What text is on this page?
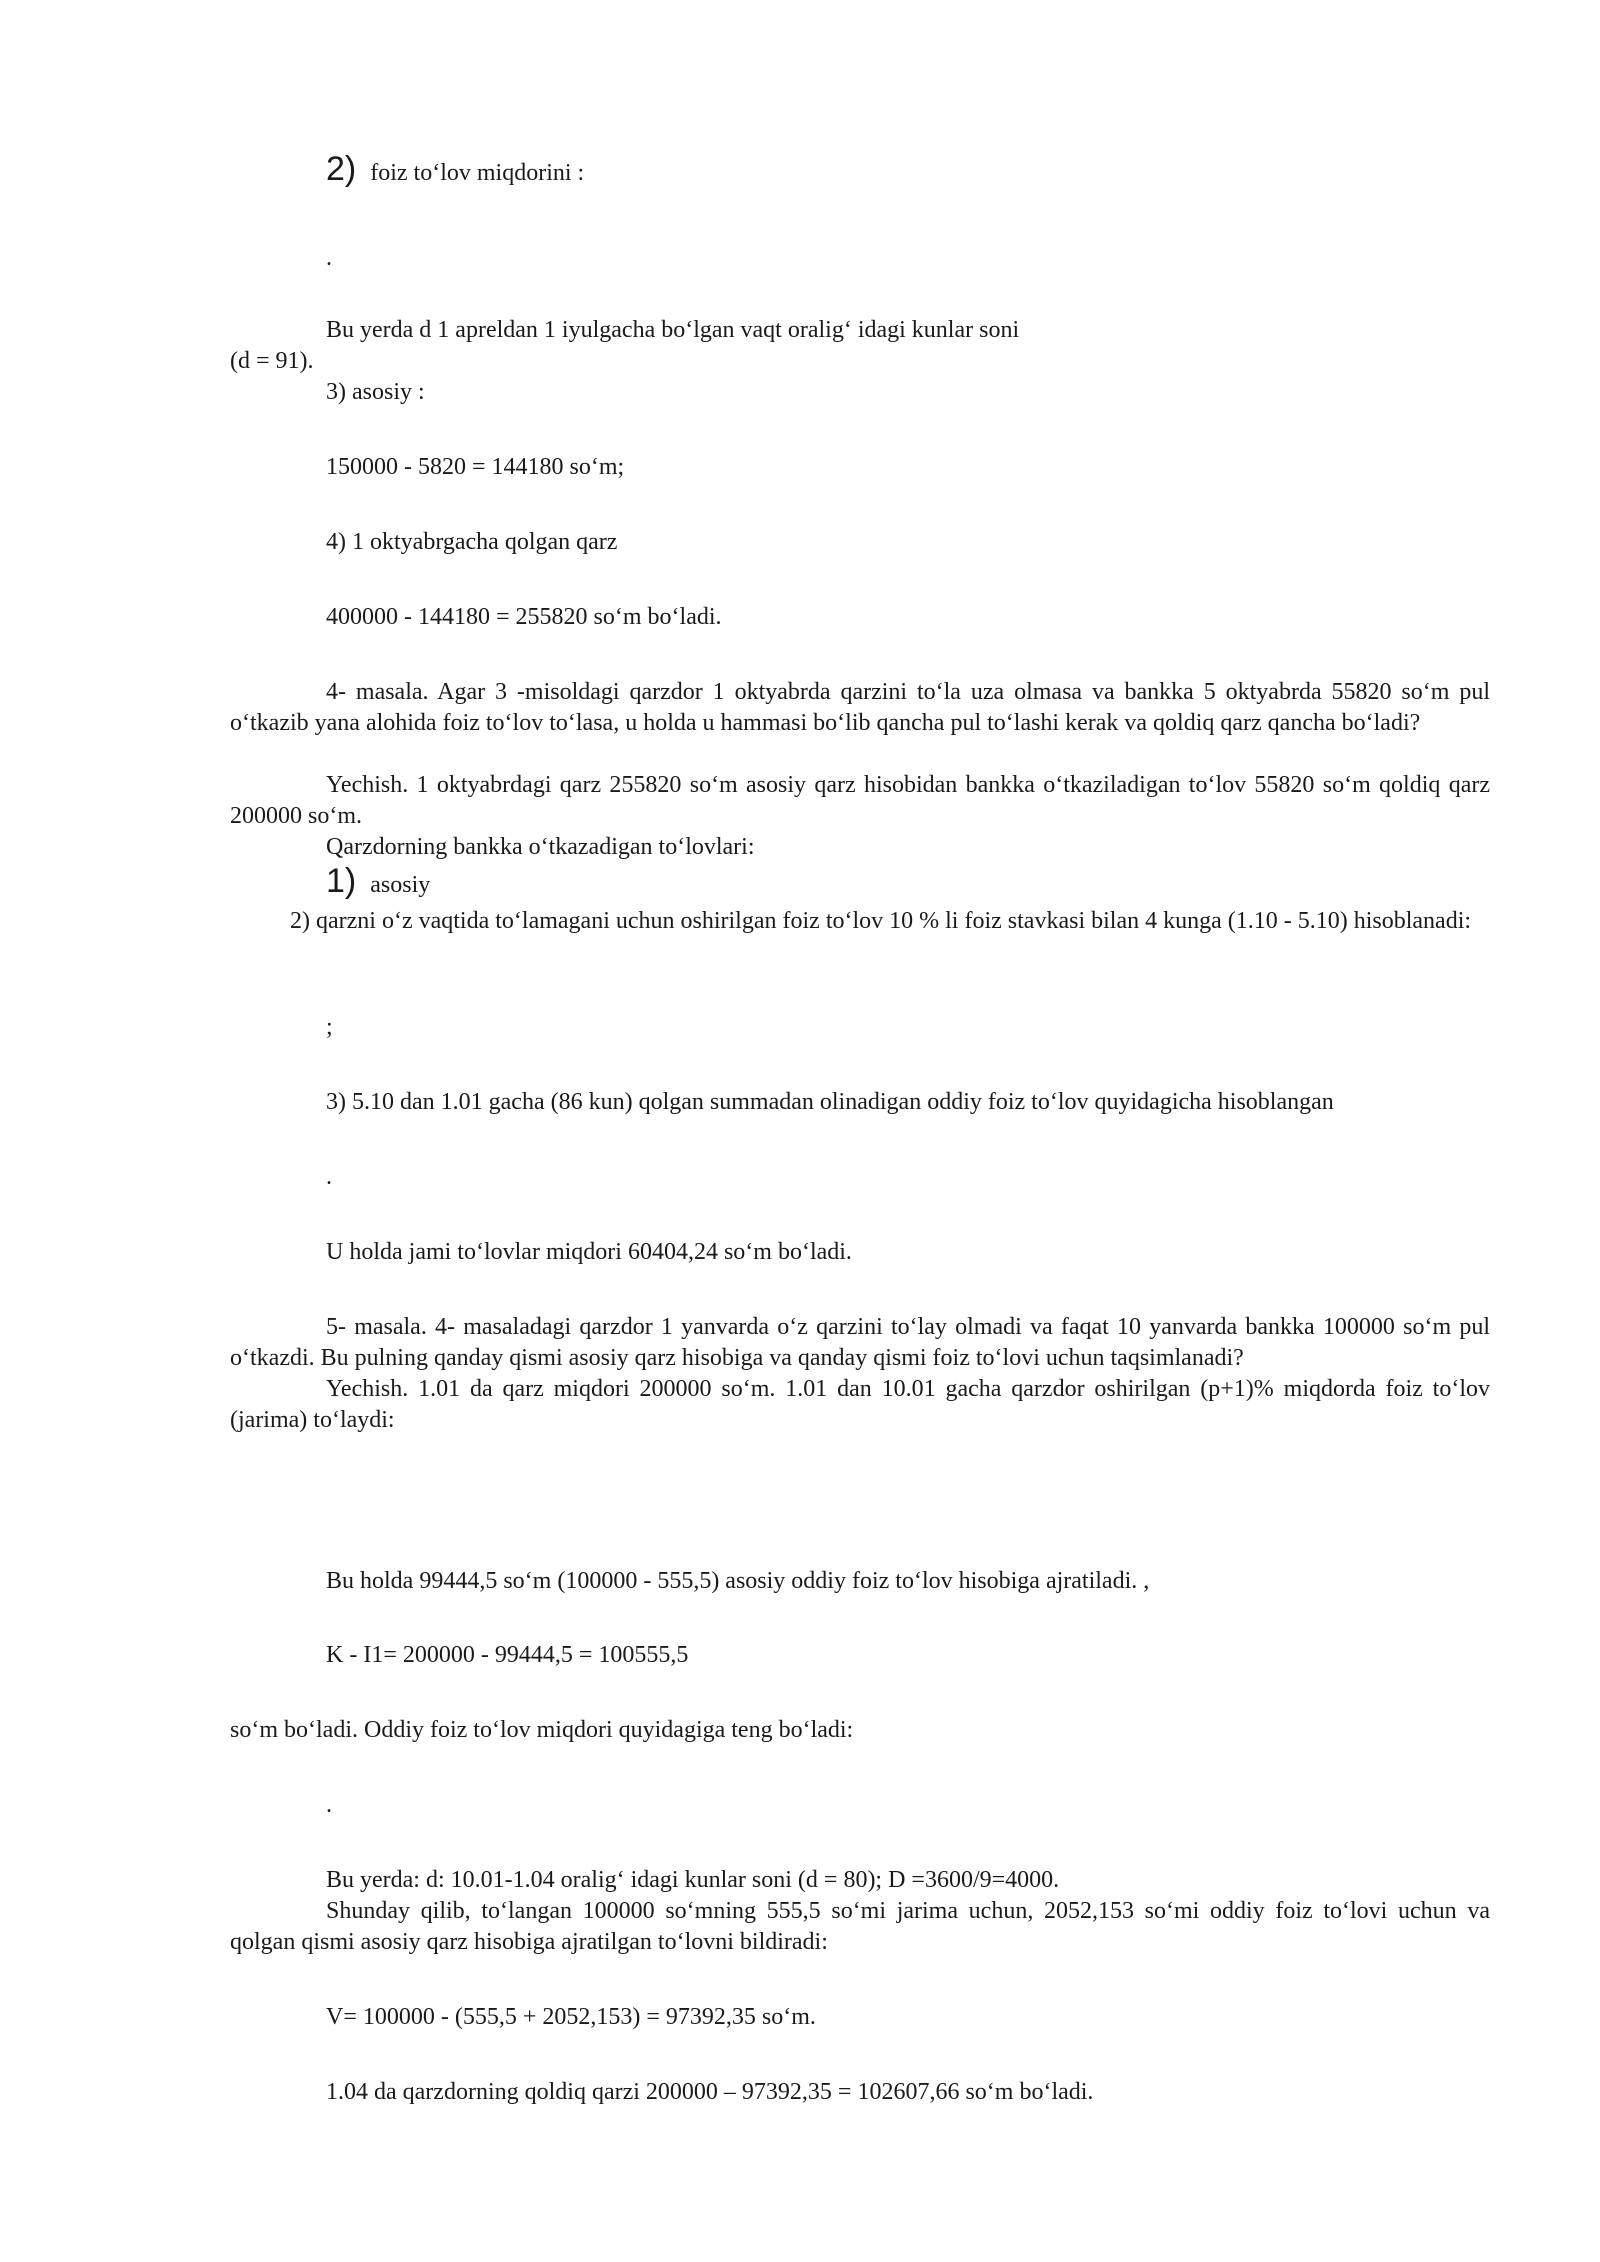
2) foiz to‘lov miqdorini :
.
Bu yerda d 1 apreldan 1 iyulgacha bo‘lgan vaqt oralig‘ idagi kunlar soni
(d = 91).
3) asosiy :
150000 - 5820 = 144180 so‘m;
4) 1 oktyabrgacha qolgan qarz
400000 - 144180 = 255820 so‘m bo‘ladi.
4- masala. Agar 3 -misoldagi qarzdor 1 oktyabrda qarzini to‘la uza olmasa va bankka 5 oktyabrda 55820 so‘m pul o‘tkazib yana alohida foiz to‘lov to‘lasa, u holda u hammasi bo‘lib qancha pul to‘lashi kerak va qoldiq qarz qancha bo‘ladi?
Yechish. 1 oktyabrdagi qarz 255820 so‘m asosiy qarz hisobidan bankka o‘tkaziladigan to‘lov 55820 so‘m qoldiq qarz 200000 so‘m.
Qarzdorning bankka o‘tkazadigan to‘lovlari:
1) asosiy
2) qarzni o‘z vaqtida to‘lamagani uchun oshirilgan foiz to‘lov 10 % li foiz stavkasi bilan 4 kunga (1.10 - 5.10) hisoblanadi:
;
3) 5.10 dan 1.01 gacha (86 kun) qolgan summadan olinadigan oddiy foiz to‘lov quyidagicha hisoblangan
.
U holda jami to‘lovlar miqdori 60404,24 so‘m bo‘ladi.
5- masala. 4- masaladagi qarzdor 1 yanvarda o‘z qarzini to‘lay olmadi va faqat 10 yanvarda bankka 100000 so‘m pul o‘tkazdi. Bu pulning qanday qismi asosiy qarz hisobiga va qanday qismi foiz to‘lovi uchun taqsimlanadi?
Yechish. 1.01 da qarz miqdori 200000 so‘m. 1.01 dan 10.01 gacha qarzdor oshirilgan (p+1)% miqdorda foiz to‘lov (jarima) to‘laydi:
Bu holda 99444,5 so‘m (100000 - 555,5) asosiy oddiy foiz to‘lov hisobiga ajratiladi. ,
K - I1= 200000 - 99444,5 = 100555,5
so‘m bo‘ladi. Oddiy foiz to‘lov miqdori quyidagiga teng bo‘ladi:
.
Bu yerda: d: 10.01-1.04 oralig‘ idagi kunlar soni (d = 80); D =3600/9=4000.
Shunday qilib, to‘langan 100000 so‘mning 555,5 so‘mi jarima uchun, 2052,153 so‘mi oddiy foiz to‘lovi uchun va qolgan qismi asosiy qarz hisobiga ajratilgan to‘lovni bildiradi:
V= 100000 - (555,5 + 2052,153) = 97392,35 so‘m.
1.04 da qarzdorning qoldiq qarzi 200000 – 97392,35 = 102607,66 so‘m bo‘ladi.
